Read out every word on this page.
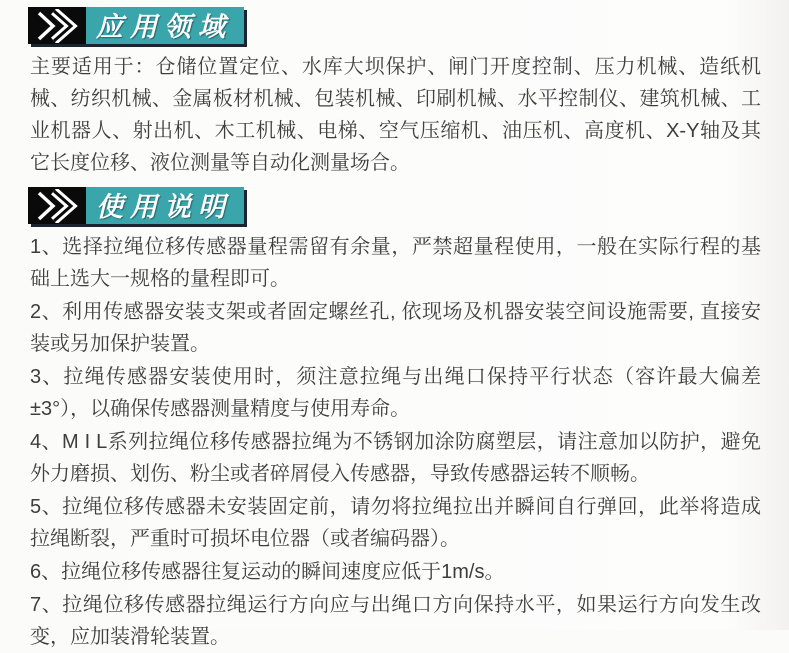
应用领域

主要适用于：仓储位置定位、水库大坝保护、闸门开度控制、压力机械、造纸机械、纺织机械、金属板材机械、包装机械、印刷机械、水平控制仪、建筑机械、工业机器人、射出机、木工机械、电梯、空气压缩机、油压机、高度机、X-Y轴及其它长度位移、液位测量等自动化测量场合。

使用说明

1、选择拉绳位移传感器量程需留有余量，严禁超量程使用，一般在实际行程的基础上选大一规格的量程即可。

2、利用传感器安装支架或者固定螺丝孔, 依现场及机器安装空间设施需要, 直接安装或另加保护装置。

3、拉绳传感器安装使用时，须注意拉绳与出绳口保持平行状态（容许最大偏差±3°），以确保传感器测量精度与使用寿命。

4、M I L系列拉绳位移传感器拉绳为不锈钢加涂防腐塑层，请注意加以防护，避免外力磨损、划伤、粉尘或者碎屑侵入传感器，导致传感器运转不顺畅。

5、拉绳位移传感器未安装固定前，请勿将拉绳拉出并瞬间自行弹回，此举将造成拉绳断裂，严重时可损坏电位器（或者编码器）。

6、拉绳位移传感器往复运动的瞬间速度应低于1m/s。

7、拉绳位移传感器拉绳运行方向应与出绳口方向保持水平，如果运行方向发生改变，应加装滑轮装置。
